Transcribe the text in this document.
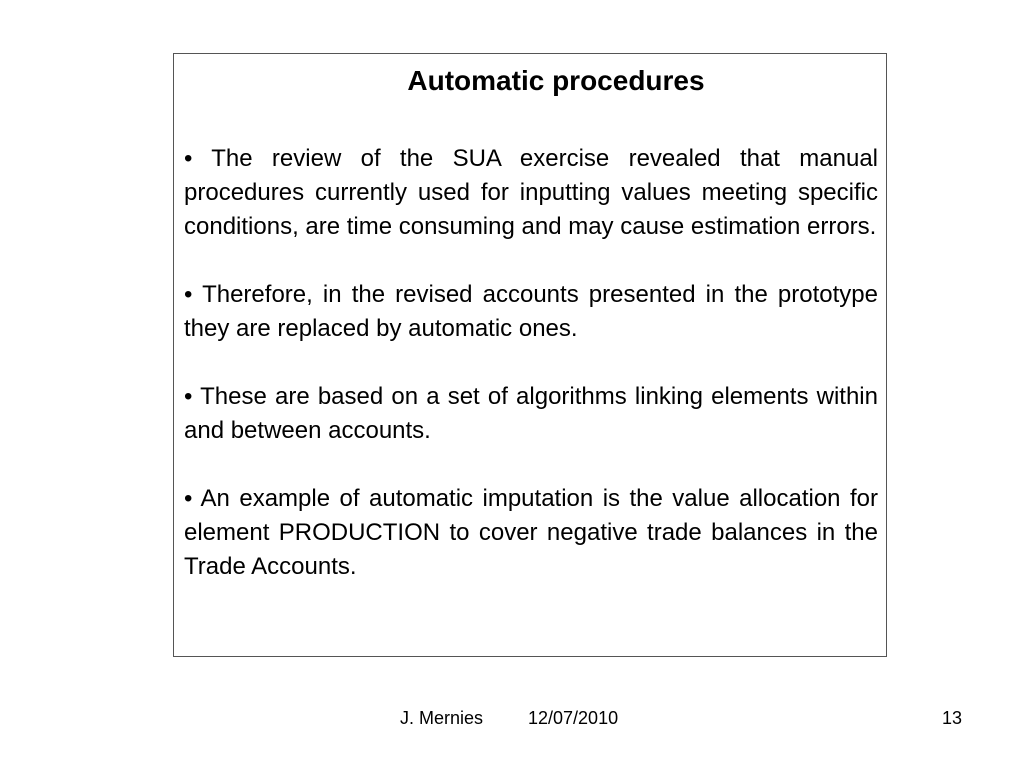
Automatic procedures
• The review of the SUA exercise revealed that manual procedures currently used for inputting values meeting specific conditions, are time consuming and may cause estimation errors.
• Therefore, in the revised accounts presented in the prototype they are replaced by automatic ones.
• These are based on a set of algorithms linking elements within and between accounts.
• An example of automatic imputation is the value allocation for element PRODUCTION to cover negative trade balances in the Trade Accounts.
J. Mernies 12/07/2010	13
